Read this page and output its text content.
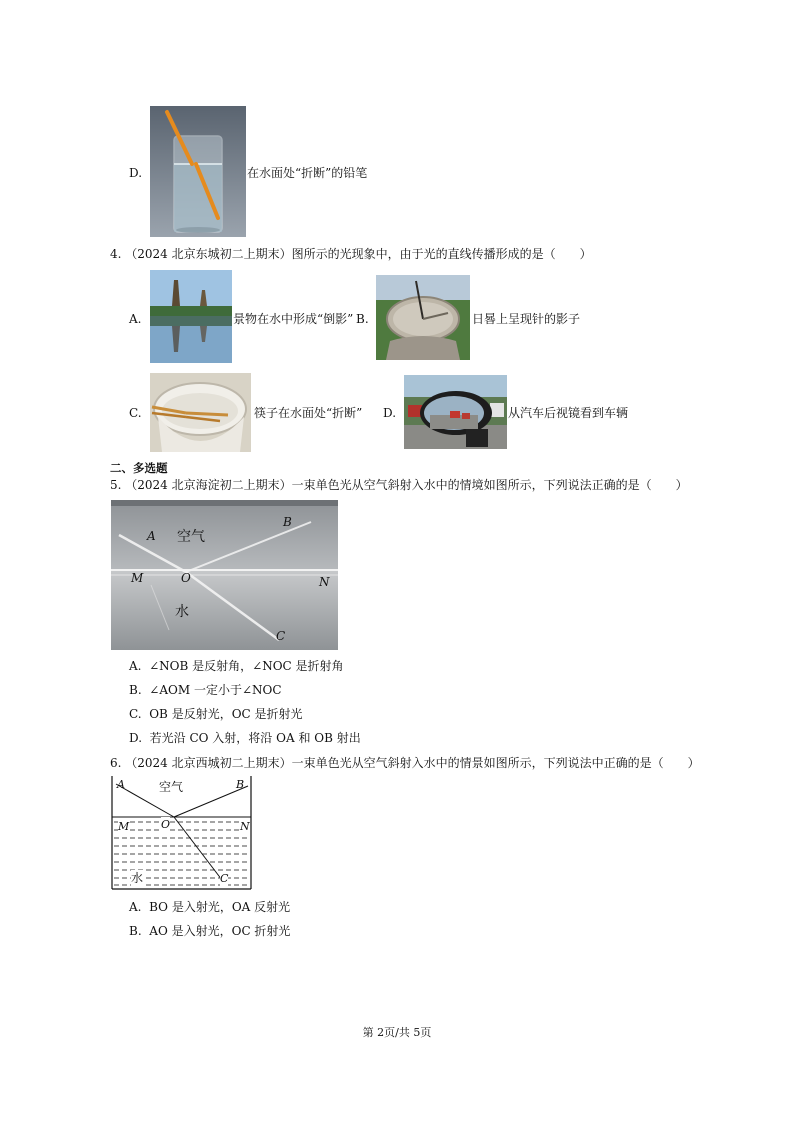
D.	在水面处“折断”的铅笔
4. （2024 北京东城初二上期末）图所示的光现象中，由于光的直线传播形成的是（　　）
A.	景物在水中形成“倒影” B.	日晷上呈现针的影子
C.	筷子在水面处“折断” D.	从汽车后视镜看到车辆
二、多选题
5. （2024 北京海淀初二上期末）一束单色光从空气斜射入水中的情境如图所示，下列说法正确的是（　　）
A 空气
B
M	O	N
水
C
A. ∠NOB 是反射角，∠NOC 是折射角
B. ∠AOM 一定小于∠NOC
C. OB 是反射光，OC 是折射光
D. 若光沿 CO 入射，将沿 OA 和 OB 射出
6. （2024 北京西城初二上期末）一束单色光从空气斜射入水中的情景如图所示，下列说法中正确的是（　　）
A	空气	B
M	O	N
水	C
A. BO 是入射光，OA 反射光
B. AO 是入射光，OC 折射光
第 2页/共 5页
